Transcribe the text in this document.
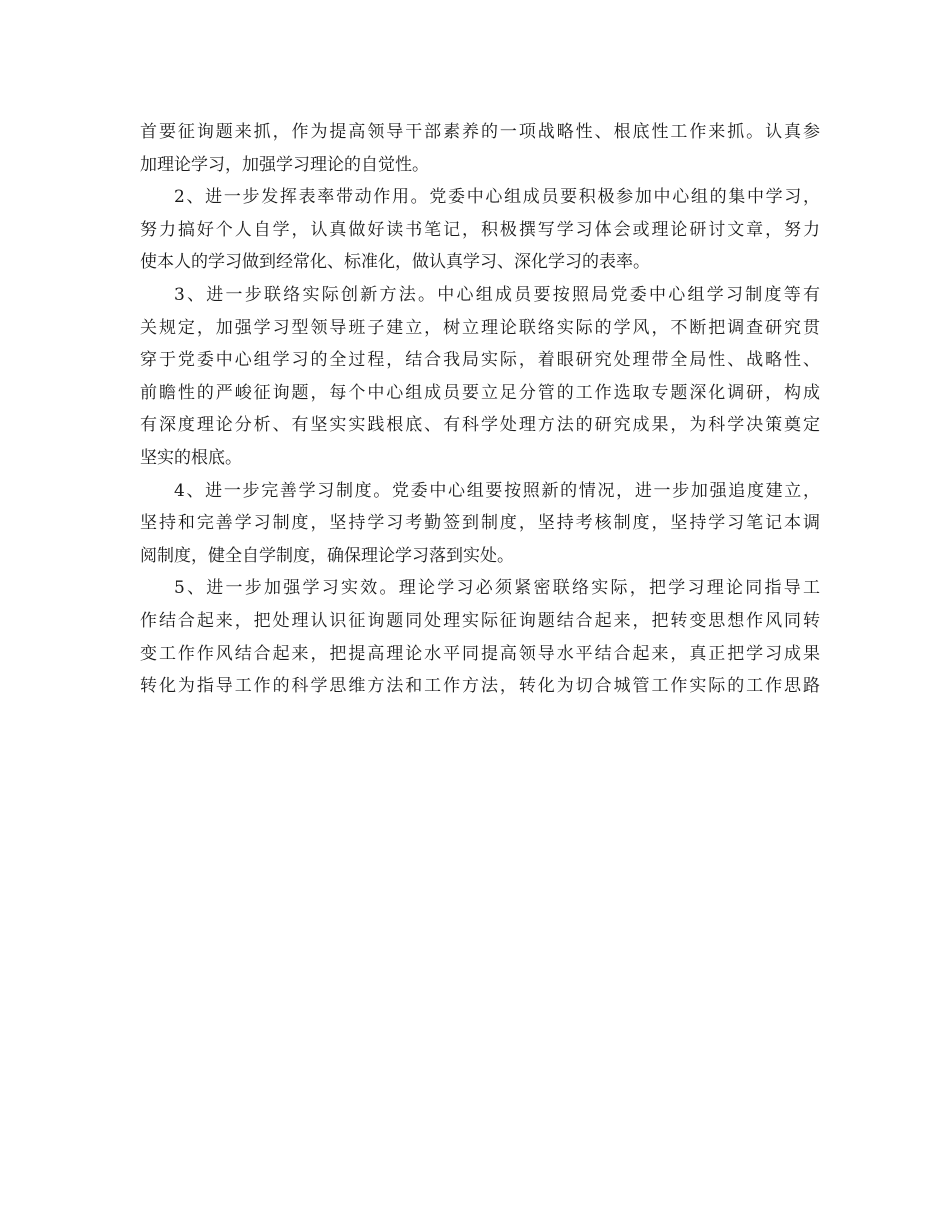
首要征询题来抓，作为提高领导干部素养的一项战略性、根底性工作来抓。认真参
加理论学习，加强学习理论的自觉性。
2、进一步发挥表率带动作用。党委中心组成员要积极参加中心组的集中学习，
努力搞好个人自学，认真做好读书笔记，积极撰写学习体会或理论研讨文章，努力
使本人的学习做到经常化、标准化，做认真学习、深化学习的表率。
3、进一步联络实际创新方法。中心组成员要按照局党委中心组学习制度等有
关规定，加强学习型领导班子建立，树立理论联络实际的学风，不断把调查研究贯
穿于党委中心组学习的全过程，结合我局实际，着眼研究处理带全局性、战略性、
前瞻性的严峻征询题，每个中心组成员要立足分管的工作选取专题深化调研，构成
有深度理论分析、有坚实实践根底、有科学处理方法的研究成果，为科学决策奠定
坚实的根底。
4、进一步完善学习制度。党委中心组要按照新的情况，进一步加强追度建立，
坚持和完善学习制度，坚持学习考勤签到制度，坚持考核制度，坚持学习笔记本调
阅制度，健全自学制度，确保理论学习落到实处。
5、进一步加强学习实效。理论学习必须紧密联络实际，把学习理论同指导工
作结合起来，把处理认识征询题同处理实际征询题结合起来，把转变思想作风同转
变工作作风结合起来，把提高理论水平同提高领导水平结合起来，真正把学习成果
转化为指导工作的科学思维方法和工作方法，转化为切合城管工作实际的工作思路
